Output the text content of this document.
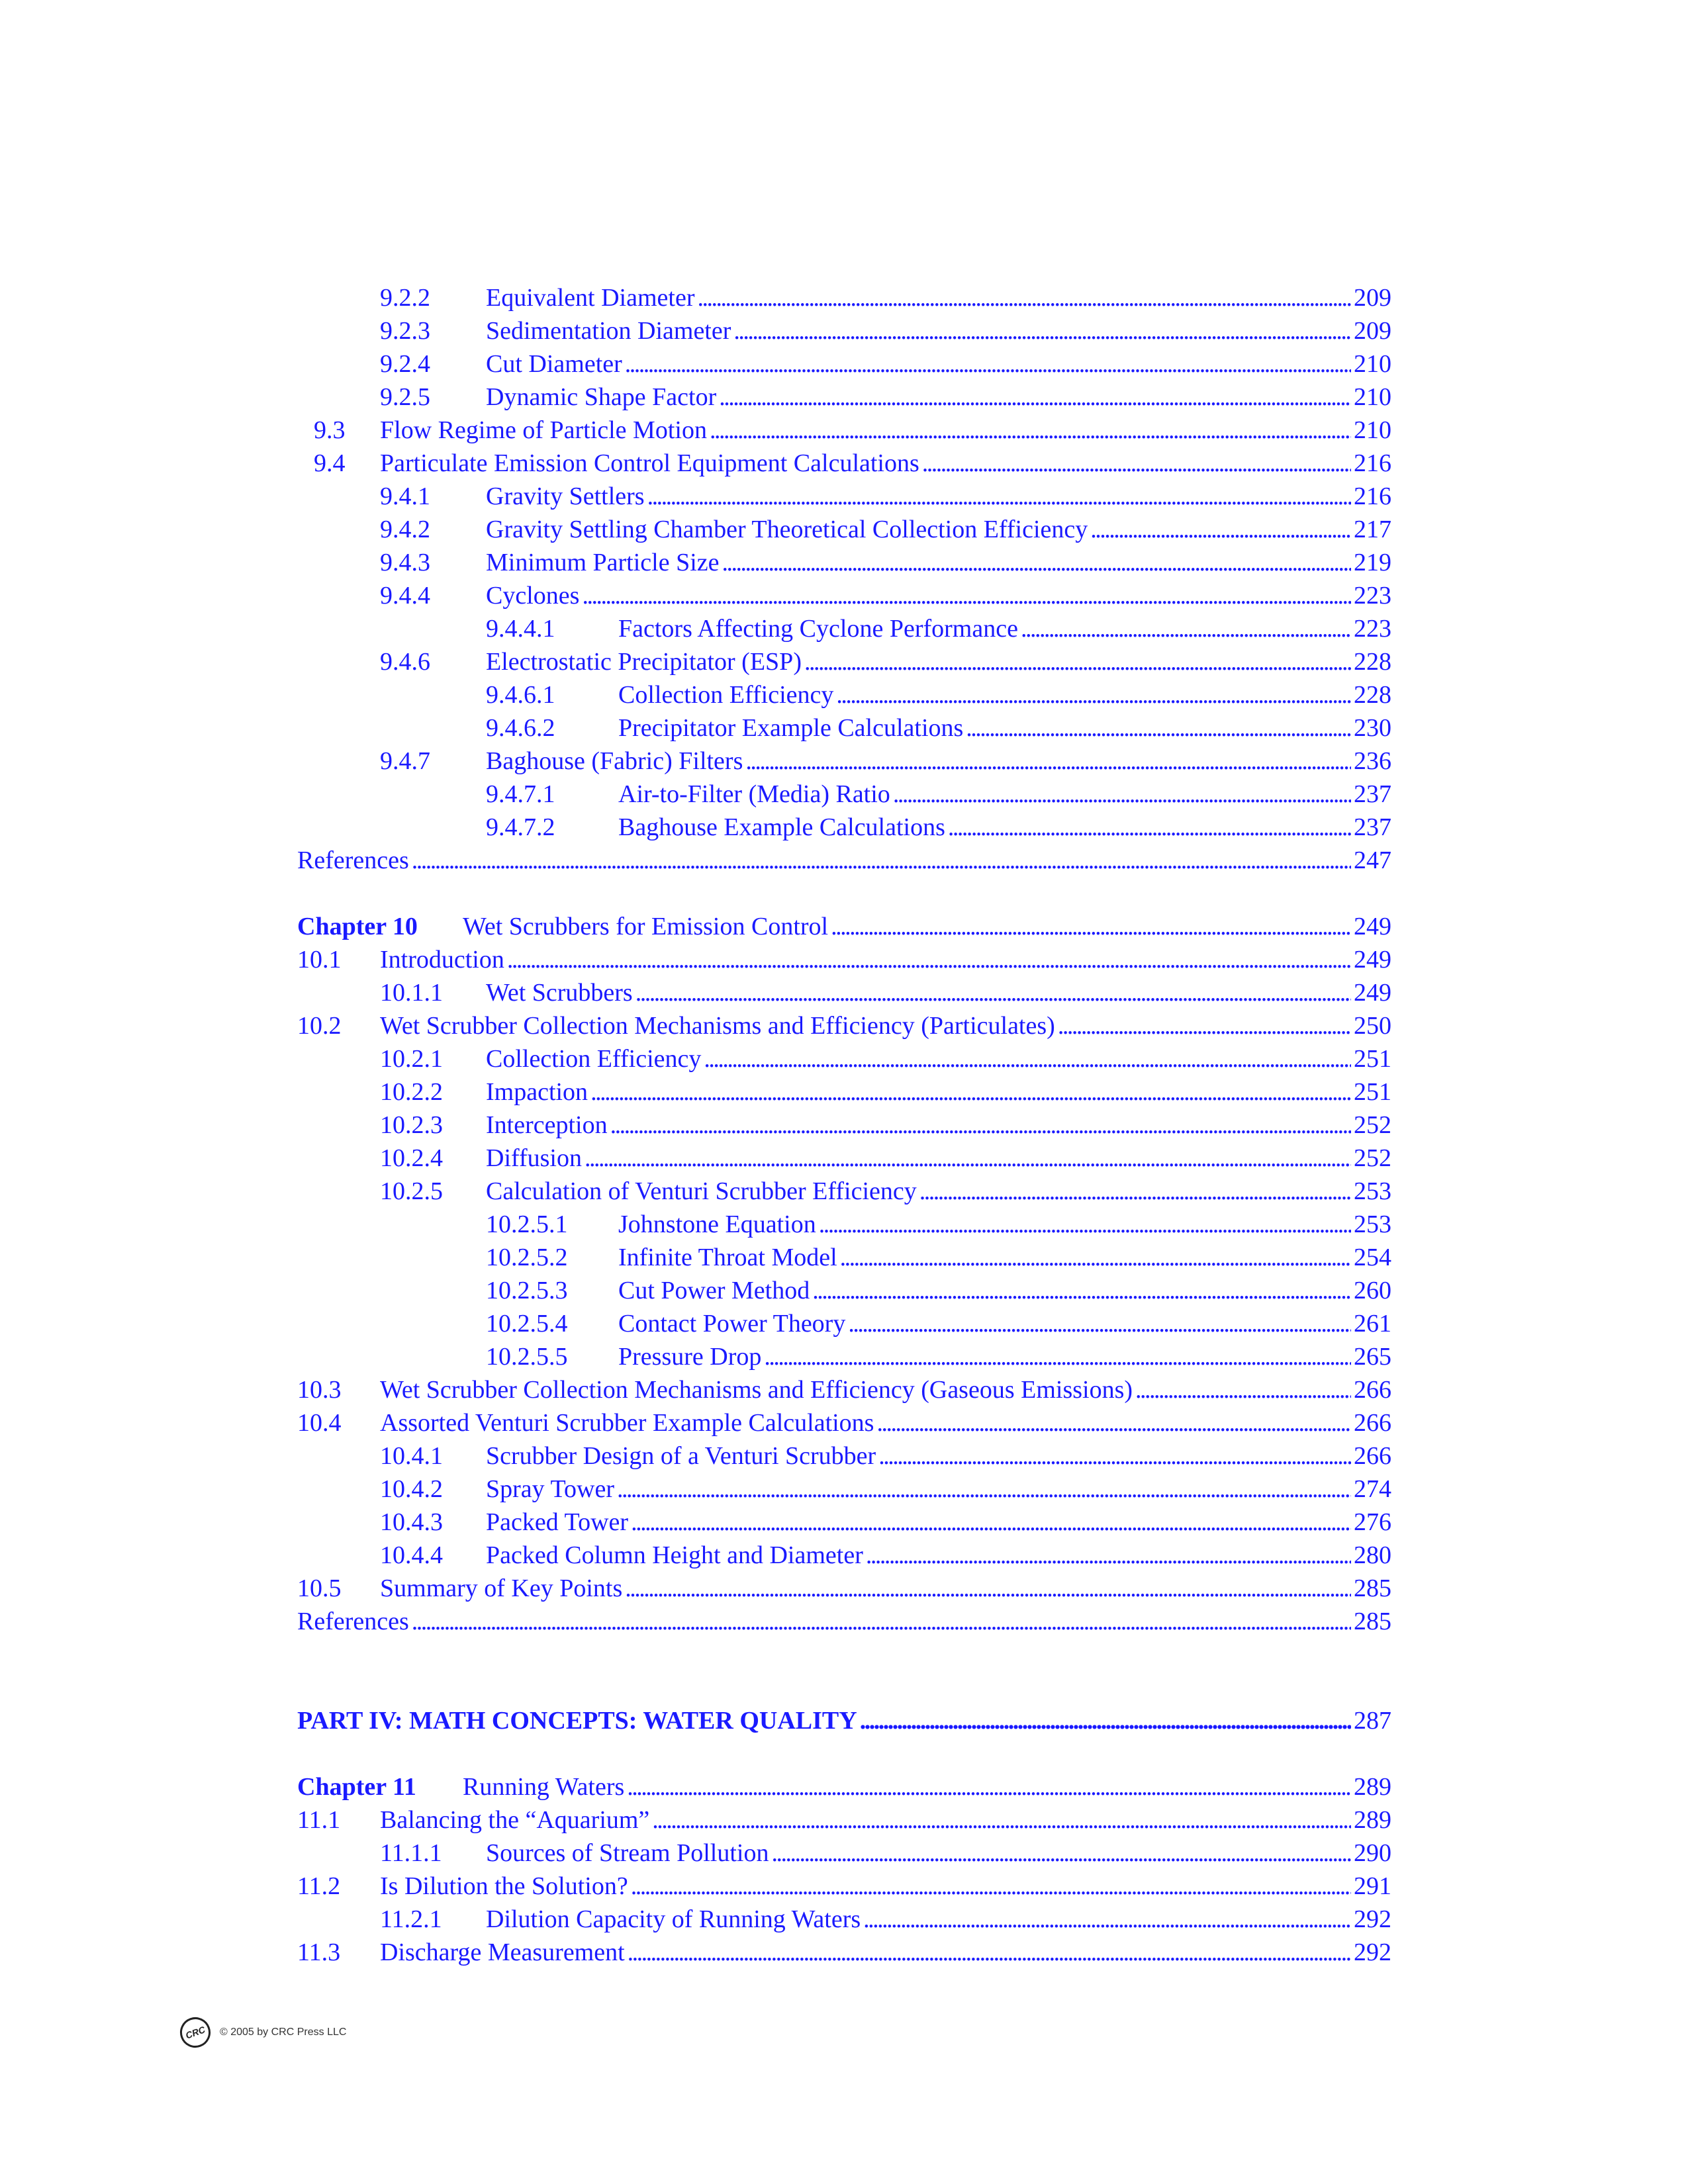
9.2.2	Equivalent Diameter . . .	209
9.2.3	Sedimentation Diameter . . .	209
9.2.4	Cut Diameter . . .	210
9.2.5	Dynamic Shape Factor . . .	210
9.3	Flow Regime of Particle Motion . . .	210
9.4	Particulate Emission Control Equipment Calculations . . .	216
9.4.1	Gravity Settlers . . .	216
9.4.2	Gravity Settling Chamber Theoretical Collection Efficiency . . .	217
9.4.3	Minimum Particle Size . . .	219
9.4.4	Cyclones . . .	223
9.4.4.1	Factors Affecting Cyclone Performance . . .	223
9.4.6	Electrostatic Precipitator (ESP) . . .	228
9.4.6.1	Collection Efficiency . . .	228
9.4.6.2	Precipitator Example Calculations . . .	230
9.4.7	Baghouse (Fabric) Filters . . .	236
9.4.7.1	Air-to-Filter (Media) Ratio . . .	237
9.4.7.2	Baghouse Example Calculations . . .	237
References . . .	247
Chapter 10	Wet Scrubbers for Emission Control . . .	249
10.1	Introduction . . .	249
10.1.1	Wet Scrubbers . . .	249
10.2	Wet Scrubber Collection Mechanisms and Efficiency (Particulates) . . .	250
10.2.1	Collection Efficiency . . .	251
10.2.2	Impaction . . .	251
10.2.3	Interception . . .	252
10.2.4	Diffusion . . .	252
10.2.5	Calculation of Venturi Scrubber Efficiency . . .	253
10.2.5.1	Johnstone Equation . . .	253
10.2.5.2	Infinite Throat Model . . .	254
10.2.5.3	Cut Power Method . . .	260
10.2.5.4	Contact Power Theory . . .	261
10.2.5.5	Pressure Drop . . .	265
10.3	Wet Scrubber Collection Mechanisms and Efficiency (Gaseous Emissions) . . .	266
10.4	Assorted Venturi Scrubber Example Calculations . . .	266
10.4.1	Scrubber Design of a Venturi Scrubber . . .	266
10.4.2	Spray Tower . . .	274
10.4.3	Packed Tower . . .	276
10.4.4	Packed Column Height and Diameter . . .	280
10.5	Summary of Key Points . . .	285
References . . .	285
PART IV: MATH CONCEPTS: WATER QUALITY . . .	287
Chapter 11	Running Waters . . .	289
11.1	Balancing the “Aquarium” . . .	289
11.1.1	Sources of Stream Pollution . . .	290
11.2	Is Dilution the Solution? . . .	291
11.2.1	Dilution Capacity of Running Waters . . .	292
11.3	Discharge Measurement . . .	292
CRC © 2005 by CRC Press LLC
